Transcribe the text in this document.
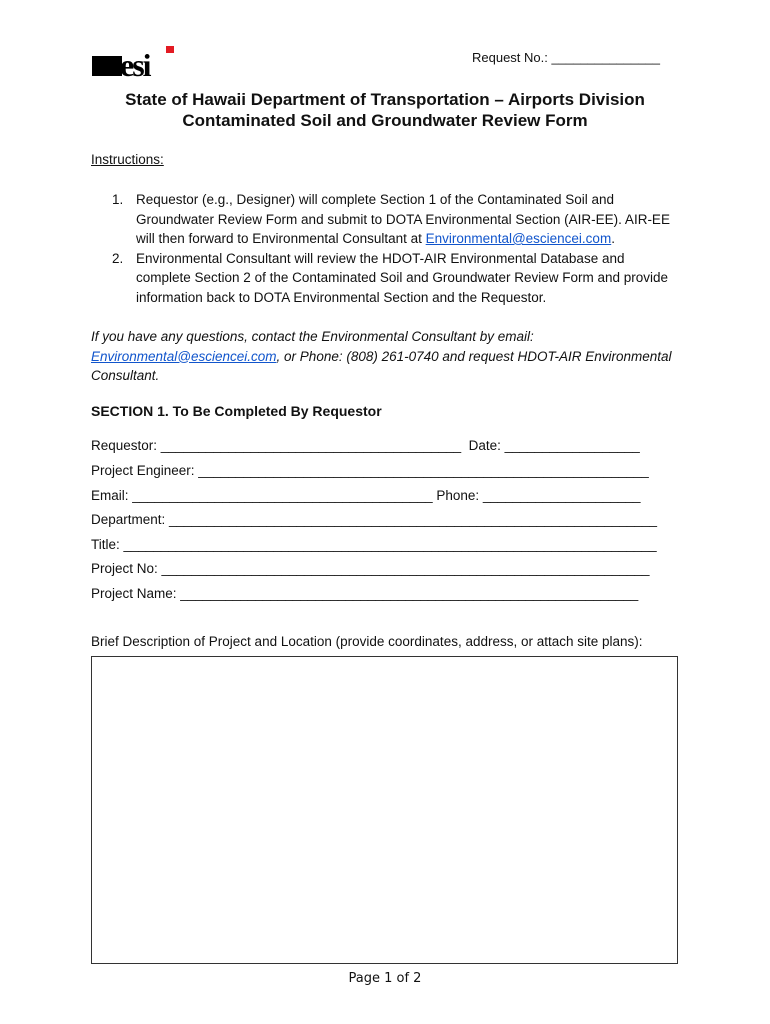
esi	Request No.: _______________
State of Hawaii Department of Transportation – Airports Division
Contaminated Soil and Groundwater Review Form
Instructions:
1. Requestor (e.g., Designer) will complete Section 1 of the Contaminated Soil and Groundwater Review Form and submit to DOTA Environmental Section (AIR-EE). AIR-EE will then forward to Environmental Consultant at Environmental@esciencei.com.
2. Environmental Consultant will review the HDOT-AIR Environmental Database and complete Section 2 of the Contaminated Soil and Groundwater Review Form and provide information back to DOTA Environmental Section and the Requestor.
If you have any questions, contact the Environmental Consultant by email: Environmental@esciencei.com, or Phone: (808) 261-0740 and request HDOT-AIR Environmental Consultant.
SECTION 1. To Be Completed By Requestor
Requestor: ________________________________________  Date: __________________
Project Engineer: ____________________________________________________________
Email: ________________________________________ Phone: _____________________
Department: _________________________________________________________________
Title: _______________________________________________________________________
Project No: _________________________________________________________________
Project Name: _____________________________________________________________
Brief Description of Project and Location (provide coordinates, address, or attach site plans):
Page 1 of 2
